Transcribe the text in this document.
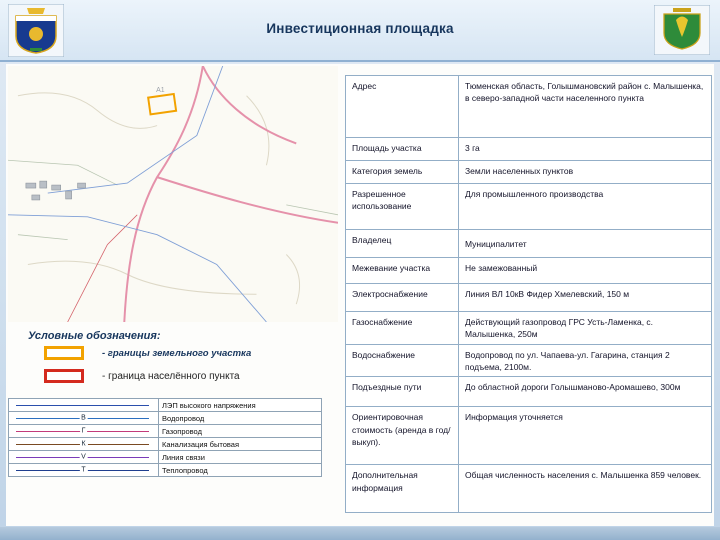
Инвестиционная площадка
А1
Условные обозначения:
- границы земельного участка
- граница населённого пункта
	ЛЭП высокого напряжения

В	Водопровод

Г	Газопровод

К	Канализация бытовая

V	Линия связи

Т	Теплопровод
Адрес	Тюменская область, Голышмановский район с. Малышенка, в северо-западной части населенного пункта
Площадь участка	3 га
Категория земель	Земли населенных пунктов
Разрешенное использование	Для промышленного производства
Владелец	Муниципалитет
Межевание участка	Не замежованный
Электроснабжение	Линия ВЛ 10кВ Фидер Хмелевский, 150 м
Газоснабжение	Действующий газопровод ГРС Усть-Ламенка, с. Малышенка, 250м
Водоснабжение	Водопровод по ул. Чапаева-ул. Гагарина, станция 2 подъема, 2100м.
Подъездные пути	До областной дороги Голышманово-Аромашево, 300м
Ориентировочная стоимость (аренда в год/выкуп).	Информация уточняется
Дополнительная информация	Общая численность населения с. Малышенка 859 человек.
